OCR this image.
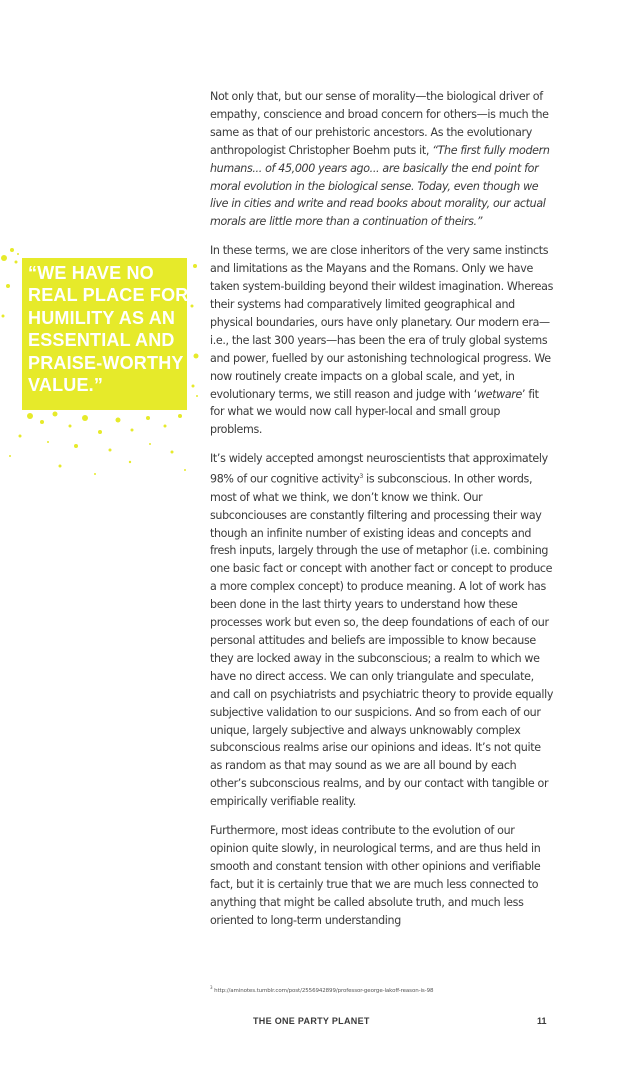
“WE HAVE NO
REAL PLACE FOR
HUMILITY AS AN
ESSENTIAL AND
PRAISE-WORTHY
VALUE.”

Not only that, but our sense of morality—the biological driver of empathy, conscience and broad concern for others—is much the same as that of our prehistoric ancestors. As the evolutionary anthropologist Christopher Boehm puts it, “The first fully modern humans... of 45,000 years ago... are basically the end point for moral evolution in the biological sense. Today, even though we live in cities and write and read books about morality, our actual morals are little more than a continuation of theirs.”

In these terms, we are close inheritors of the very same instincts and limitations as the Mayans and the Romans. Only we have taken system-building beyond their wildest imagination. Whereas their systems had comparatively limited geographical and physical boundaries, ours have only planetary. Our modern era—i.e., the last 300 years—has been the era of truly global systems and power, fuelled by our astonishing technological progress. We now routinely create impacts on a global scale, and yet, in evolutionary terms, we still reason and judge with ‘wetware’ fit for what we would now call hyper-local and small group problems.

It’s widely accepted amongst neuroscientists that approximately 98% of our cognitive activity$^3$ is subconscious. In other words, most of what we think, we don’t know we think. Our subconciouses are constantly filtering and processing their way though an infinite number of existing ideas and concepts and fresh inputs, largely through the use of metaphor (i.e. combining one basic fact or concept with another fact or concept to produce a more complex concept) to produce meaning. A lot of work has been done in the last thirty years to understand how these processes work but even so, the deep foundations of each of our personal attitudes and beliefs are impossible to know because they are locked away in the subconscious; a realm to which we have no direct access. We can only triangulate and speculate, and call on psychiatrists and psychiatric theory to provide equally subjective validation to our suspicions. And so from each of our unique, largely subjective and always unknowably complex subconscious realms arise our opinions and ideas. It’s not quite as random as that may sound as we are all bound by each other’s subconscious realms, and by our contact with tangible or empirically verifiable reality.

Furthermore, most ideas contribute to the evolution of our opinion quite slowly, in neurological terms, and are thus held in smooth and constant tension with other opinions and verifiable fact, but it is certainly true that we are much less connected to anything that might be called absolute truth, and much less oriented to long-term understanding

$^3$ http://aminotes.tumblr.com/post/2556942899/professor-george-lakoff-reason-is-98
THE ONE PARTY PLANET	11
